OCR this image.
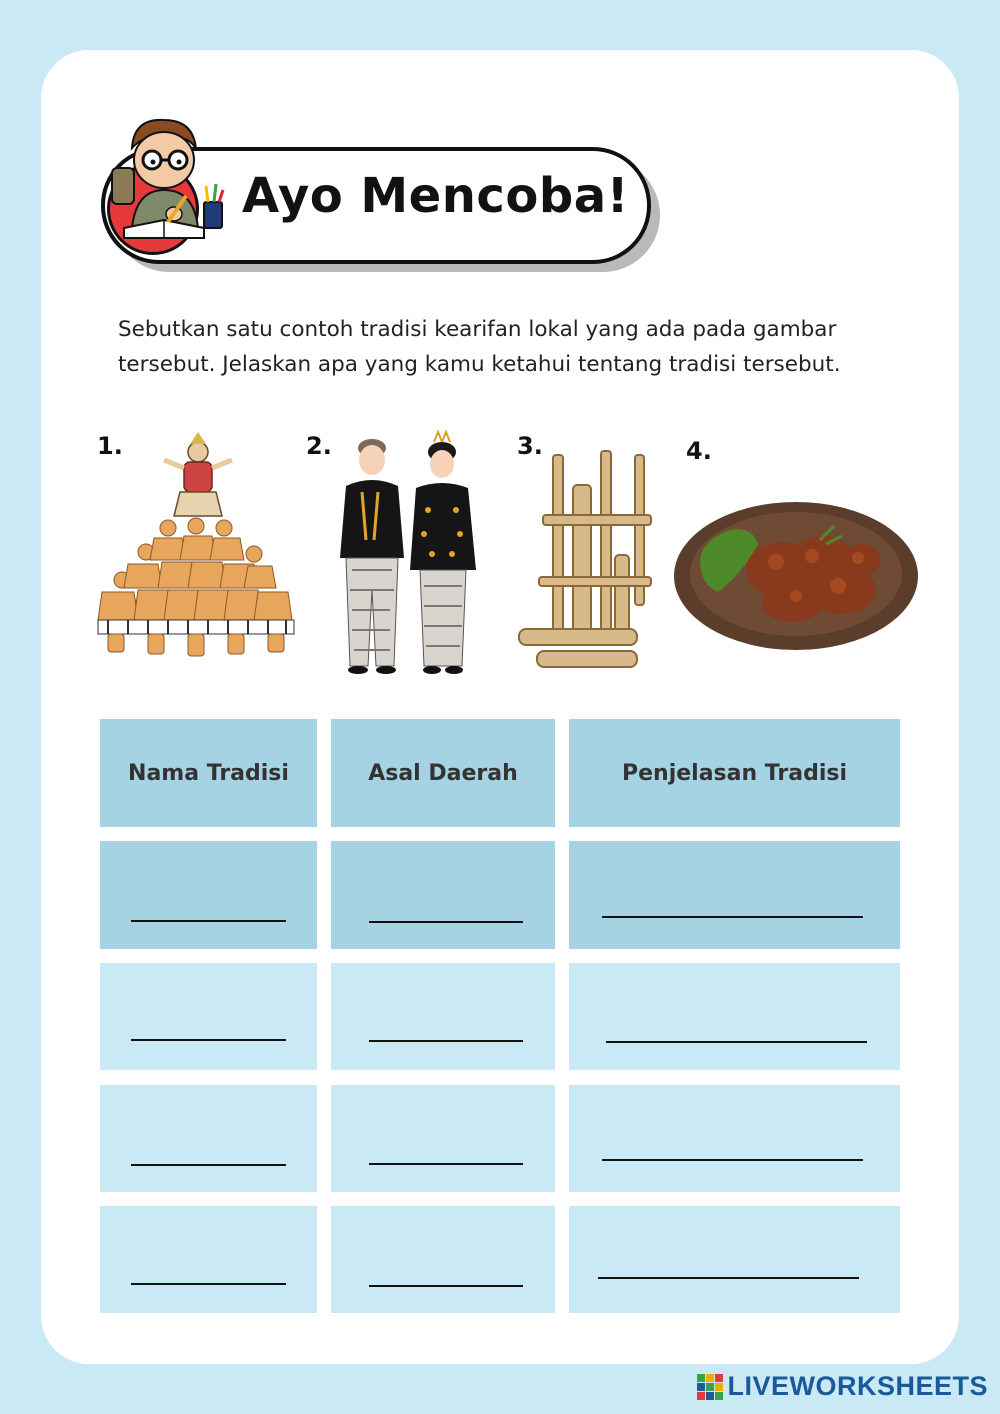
Ayo Mencoba!
Sebutkan satu contoh tradisi kearifan lokal yang ada pada gambar
tersebut. Jelaskan apa yang kamu ketahui tentang tradisi tersebut.
1.	2.	3.	4.
Nama Tradisi	Asal Daerah	Penjelasan Tradisi
LIVEWORKSHEETS
